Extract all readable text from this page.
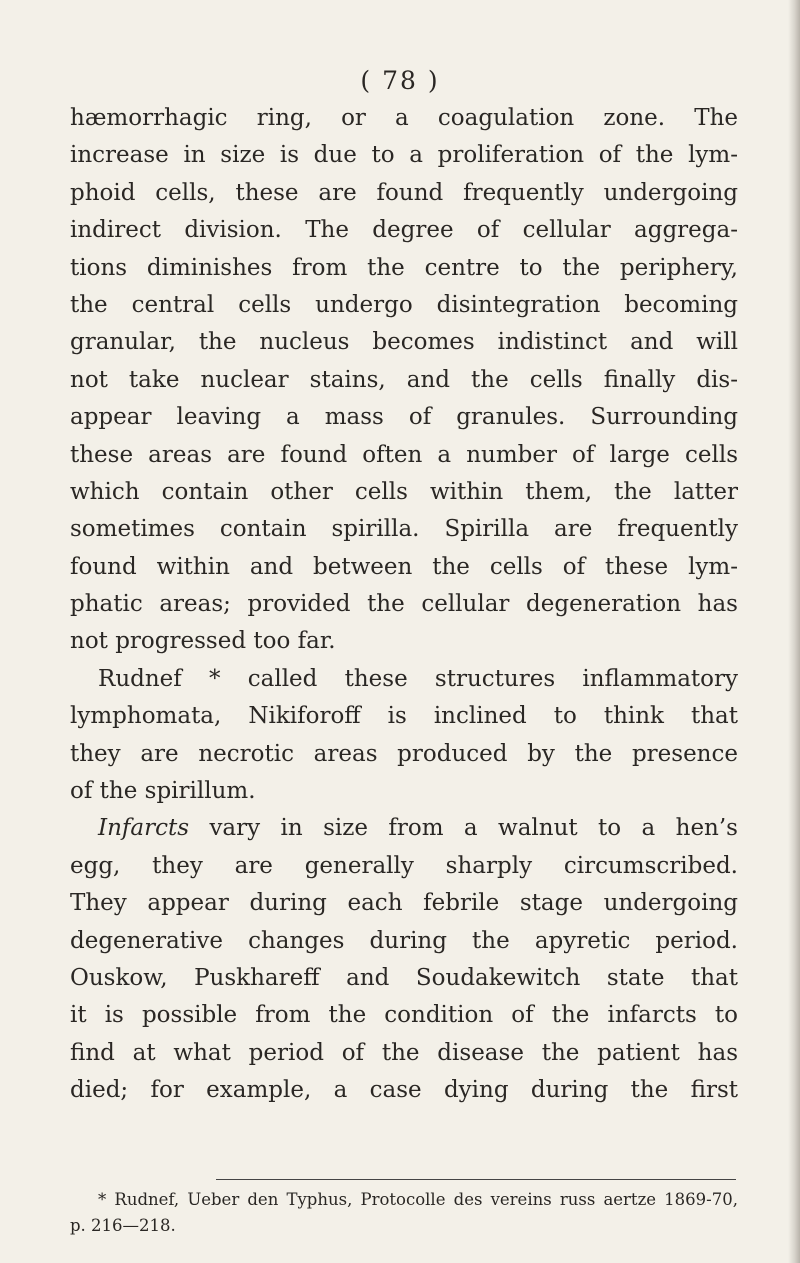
( 78 )
hæmorrhagic ring, or a coagulation zone. The
increase in size is due to a proliferation of the lym-
phoid cells, these are found frequently undergoing
indirect division. The degree of cellular aggrega-
tions diminishes from the centre to the periphery,
the central cells undergo disintegration becoming
granular, the nucleus becomes indistinct and will
not take nuclear stains, and the cells finally dis-
appear leaving a mass of granules. Surrounding
these areas are found often a number of large cells
which contain other cells within them, the latter
sometimes contain spirilla. Spirilla are frequently
found within and between the cells of these lym-
phatic areas; provided the cellular degeneration has
not progressed too far.
Rudnef * called these structures inflammatory
lymphomata, Nikiforoff is inclined to think that
they are necrotic areas produced by the presence
of the spirillum.
Infarcts vary in size from a walnut to a hen’s
egg, they are generally sharply circumscribed.
They appear during each febrile stage undergoing
degenerative changes during the apyretic period.
Ouskow, Puskhareff and Soudakewitch state that
it is possible from the condition of the infarcts to
find at what period of the disease the patient has
died; for example, a case dying during the first
* Rudnef, Ueber den Typhus, Protocolle des vereins russ aertze 1869-70,
p. 216—218.
